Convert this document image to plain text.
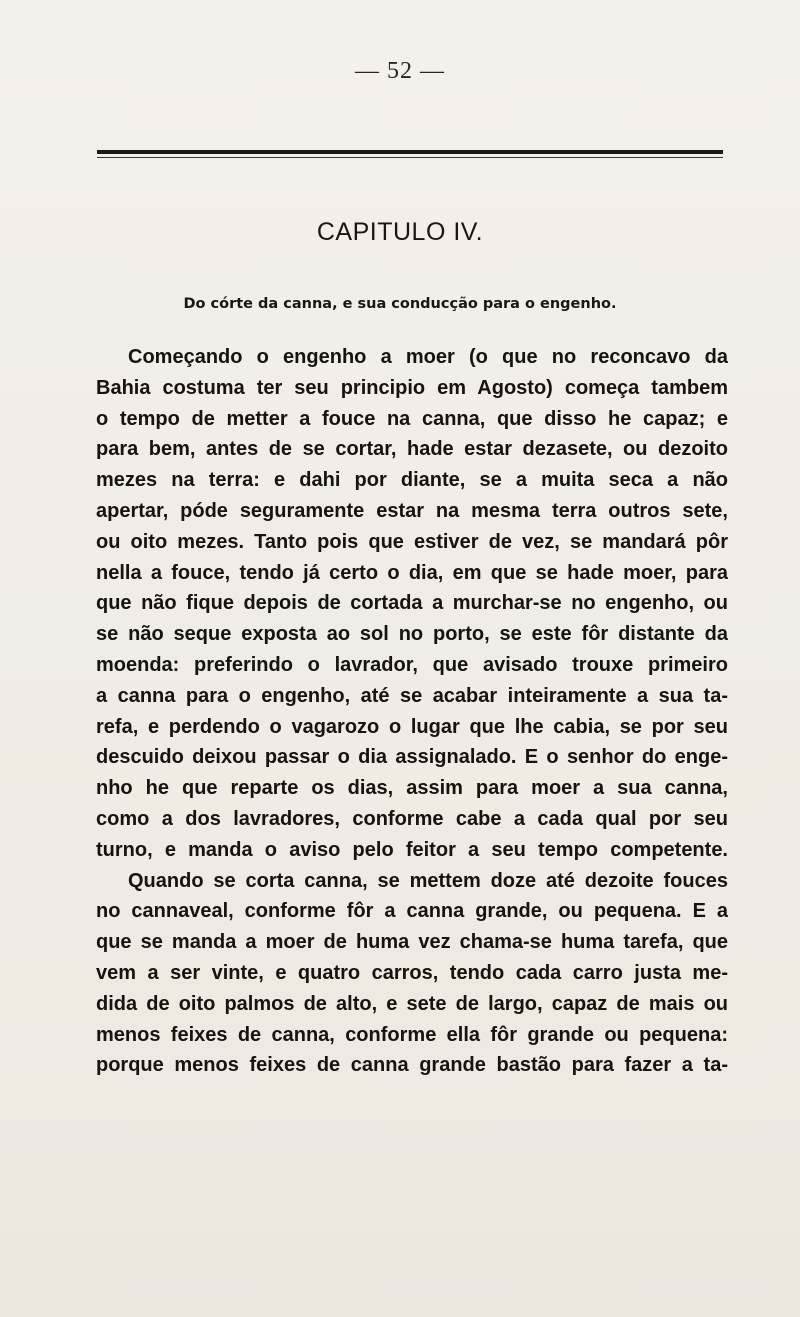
— 52 —
CAPITULO IV.
Do córte da canna, e sua conducção para o engenho.
Começando o engenho a moer (o que no reconcavo da
Bahia costuma ter seu principio em Agosto) começa tambem
o tempo de metter a fouce na canna, que disso he capaz; e
para bem, antes de se cortar, hade estar dezasete, ou dezoito
mezes na terra: e dahi por diante, se a muita seca a não
apertar, póde seguramente estar na mesma terra outros sete,
ou oito mezes. Tanto pois que estiver de vez, se mandará pôr
nella a fouce, tendo já certo o dia, em que se hade moer, para
que não fique depois de cortada a murchar-se no engenho, ou
se não seque exposta ao sol no porto, se este fôr distante da
moenda: preferindo o lavrador, que avisado trouxe primeiro
a canna para o engenho, até se acabar inteiramente a sua ta-
refa, e perdendo o vagarozo o lugar que lhe cabia, se por seu
descuido deixou passar o dia assignalado. E o senhor do enge-
nho he que reparte os dias, assim para moer a sua canna,
como a dos lavradores, conforme cabe a cada qual por seu
turno, e manda o aviso pelo feitor a seu tempo competente.
Quando se corta canna, se mettem doze até dezoite fouces
no cannaveal, conforme fôr a canna grande, ou pequena. E a
que se manda a moer de huma vez chama-se huma tarefa, que
vem a ser vinte, e quatro carros, tendo cada carro justa me-
dida de oito palmos de alto, e sete de largo, capaz de mais ou
menos feixes de canna, conforme ella fôr grande ou pequena:
porque menos feixes de canna grande bastão para fazer a ta-
